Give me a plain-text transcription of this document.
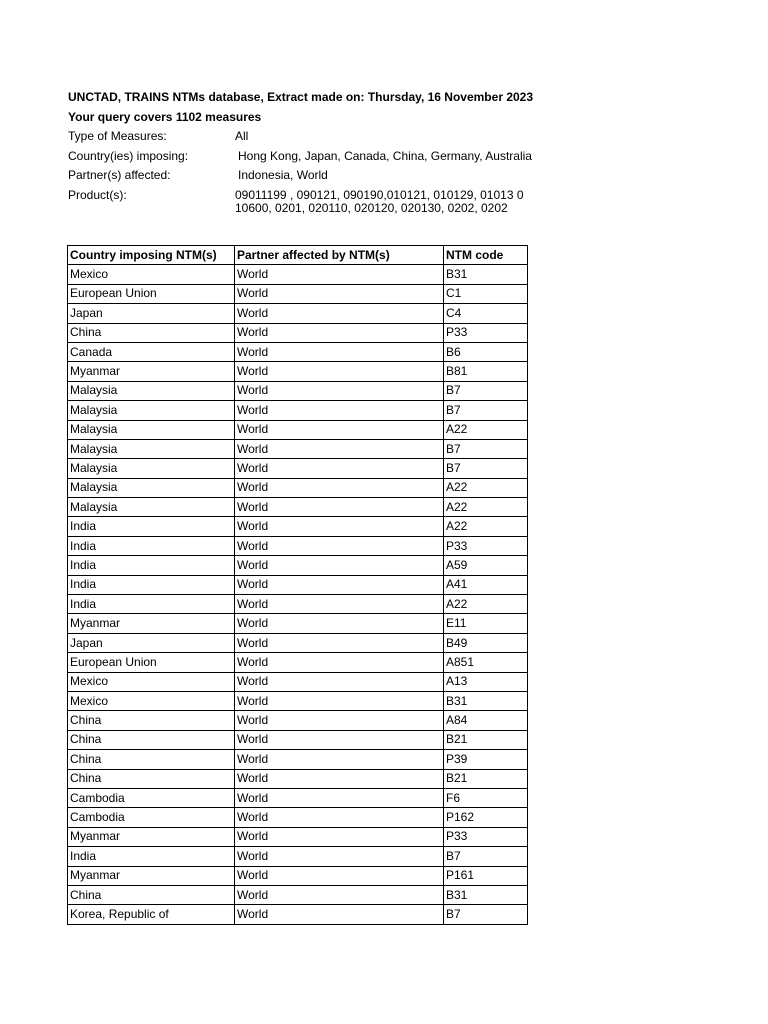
UNCTAD, TRAINS NTMs database, Extract made on: Thursday, 16 November 2023
Your query covers 1102 measures
Type of Measures:	All
Country(ies) imposing:	Hong Kong, Japan, Canada, China, Germany, Australia
Partner(s) affected:	Indonesia, World
Product(s):	09011199 , 090121, 090190,010121, 010129, 01013 010600, 0201, 020110, 020120, 020130, 0202, 0202
Country imposing NTM(s)	Partner affected by NTM(s)	NTM code
Mexico	World	B31
European Union	World	C1
Japan	World	C4
China	World	P33
Canada	World	B6
Myanmar	World	B81
Malaysia	World	B7
Malaysia	World	B7
Malaysia	World	A22
Malaysia	World	B7
Malaysia	World	B7
Malaysia	World	A22
Malaysia	World	A22
India	World	A22
India	World	P33
India	World	A59
India	World	A41
India	World	A22
Myanmar	World	E11
Japan	World	B49
European Union	World	A851
Mexico	World	A13
Mexico	World	B31
China	World	A84
China	World	B21
China	World	P39
China	World	B21
Cambodia	World	F6
Cambodia	World	P162
Myanmar	World	P33
India	World	B7
Myanmar	World	P161
China	World	B31
Korea, Republic of	World	B7
